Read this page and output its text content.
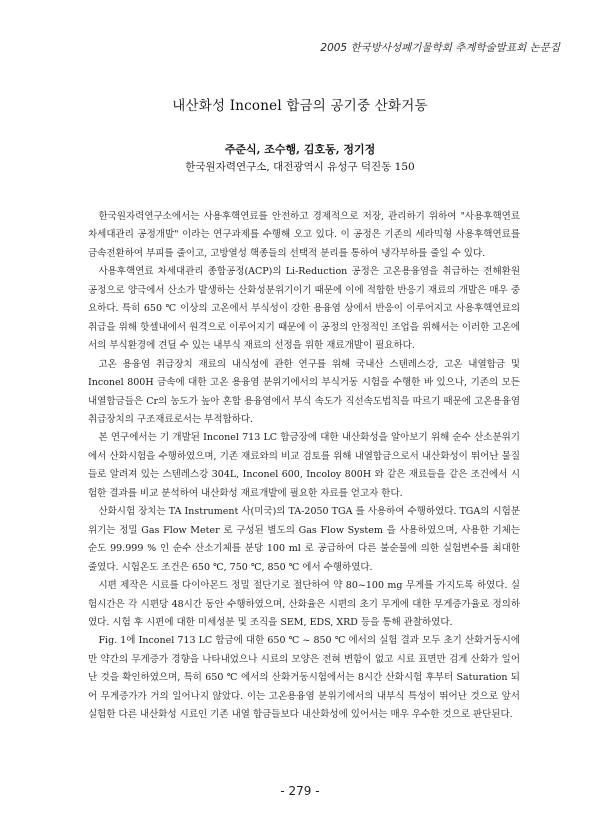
2005 한국방사성폐기물학회 추계학술발표회 논문집
내산화성 Inconel 합금의 공기중 산화거동
주준식, 조수행, 김호동, 정기정
한국원자력연구소, 대전광역시 유성구 덕진동 150

한국원자력연구소에서는 사용후핵연료를 안전하고 경제적으로 저장, 관리하기 위하여 "사용후핵연료 차세대관리 공정개발" 이라는 연구과제를 수행해 오고 있다. 이 공정은 기존의 세라믹형 사용후핵연료를 금속전환하여 부피를 줄이고, 고방열성 핵종들의 선택적 분리를 통하여 냉각부하를 줄일 수 있다.

사용후핵연료 차세대관리 종합공정(ACP)의 Li-Reduction 공정은 고온용융염을 취급하는 전해환원공정으로 양극에서 산소가 발생하는 산화성분위기이기 때문에 이에 적합한 반응기 재료의 개발은 매우 중요하다. 특히 650 ℃ 이상의 고온에서 부식성이 강한 용융염 상에서 반응이 이루어지고 사용후핵연료의 취급을 위해 핫셀내에서 원격으로 이루어지기 때문에 이 공정의 안정적인 조업을 위해서는 이러한 고온에서의 부식환경에 견딜 수 있는 내부식 재료의 선정을 위한 재료개발이 필요하다.

고온 용융염 취급장치 재료의 내식성에 관한 연구를 위해 국내산 스텐레스강, 고온 내열합금 및 Inconel 800H 금속에 대한 고온 용융염 분위기에서의 부식거동 시험을 수행한 바 있으나, 기존의 모든 내열합금들은 Cr의 농도가 높아 혼합 용융염에서 부식 속도가 직선속도법칙을 따르기 때문에 고온용융염 취급장치의 구조재료로서는 부적합하다.

본 연구에서는 기 개발된 Inconel 713 LC 합금장에 대한 내산화성을 알아보기 위해 순수 산소분위기에서 산화시험을 수행하였으며, 기존 재료와의 비교 검토를 위해 내열합금으로서 내산화성이 뛰어난 물질들로 알려져 있는 스텐레스강 304L, Inconel 600, Incoloy 800H 와 같은 재료들을 같은 조건에서 시험한 결과를 비교 분석하여 내산화성 재료개발에 필요한 자료를 얻고자 한다.

산화시험 장치는 TA Instrument 사(미국)의 TA-2050 TGA 를 사용하여 수행하였다. TGA의 시험분위기는 정밀 Gas Flow Meter 로 구성된 별도의 Gas Flow System 을 사용하였으며, 사용한 기체는 순도 99.999 % 인 순수 산소기체를 분당 100 ml 로 공급하여 다른 불순물에 의한 실험변수를 최대한 줄였다. 시험온도 조건은 650 ℃, 750 ℃, 850 ℃ 에서 수행하였다.

시편 제작은 시료를 다이아몬드 정밀 절단기로 절단하여 약 80~100 mg 무게를 가지도록 하였다. 실험시간은 각 시편당 48시간 동안 수행하였으며, 산화율은 시편의 초기 무게에 대한 무게증가율로 정의하였다. 시험 후 시편에 대한 미세성분 및 조직을 SEM, EDS, XRD 등을 통해 관찰하였다.

Fig. 1에 Inconel 713 LC 합금에 대한 650 ℃ ~ 850 ℃ 에서의 실험 결과 모두 초기 산화거동시에만 약간의 무게증가 경향을 나타내었으나 시료의 모양은 전혀 변함이 없고 시료 표면만 검게 산화가 일어난 것을 확인하였으며, 특히 650 ℃ 에서의 산화거동시험에서는 8시간 산화시험 후부터 Saturation 되어 무게증가가 거의 일어나지 않았다. 이는 고온용융염 분위기에서의 내부식 특성이 뛰어난 것으로 앞서 실험한 다른 내산화성 시료인 기존 내열 합금들보다 내산화성에 있어서는 매우 우수한 것으로 판단된다.

- 279 -
